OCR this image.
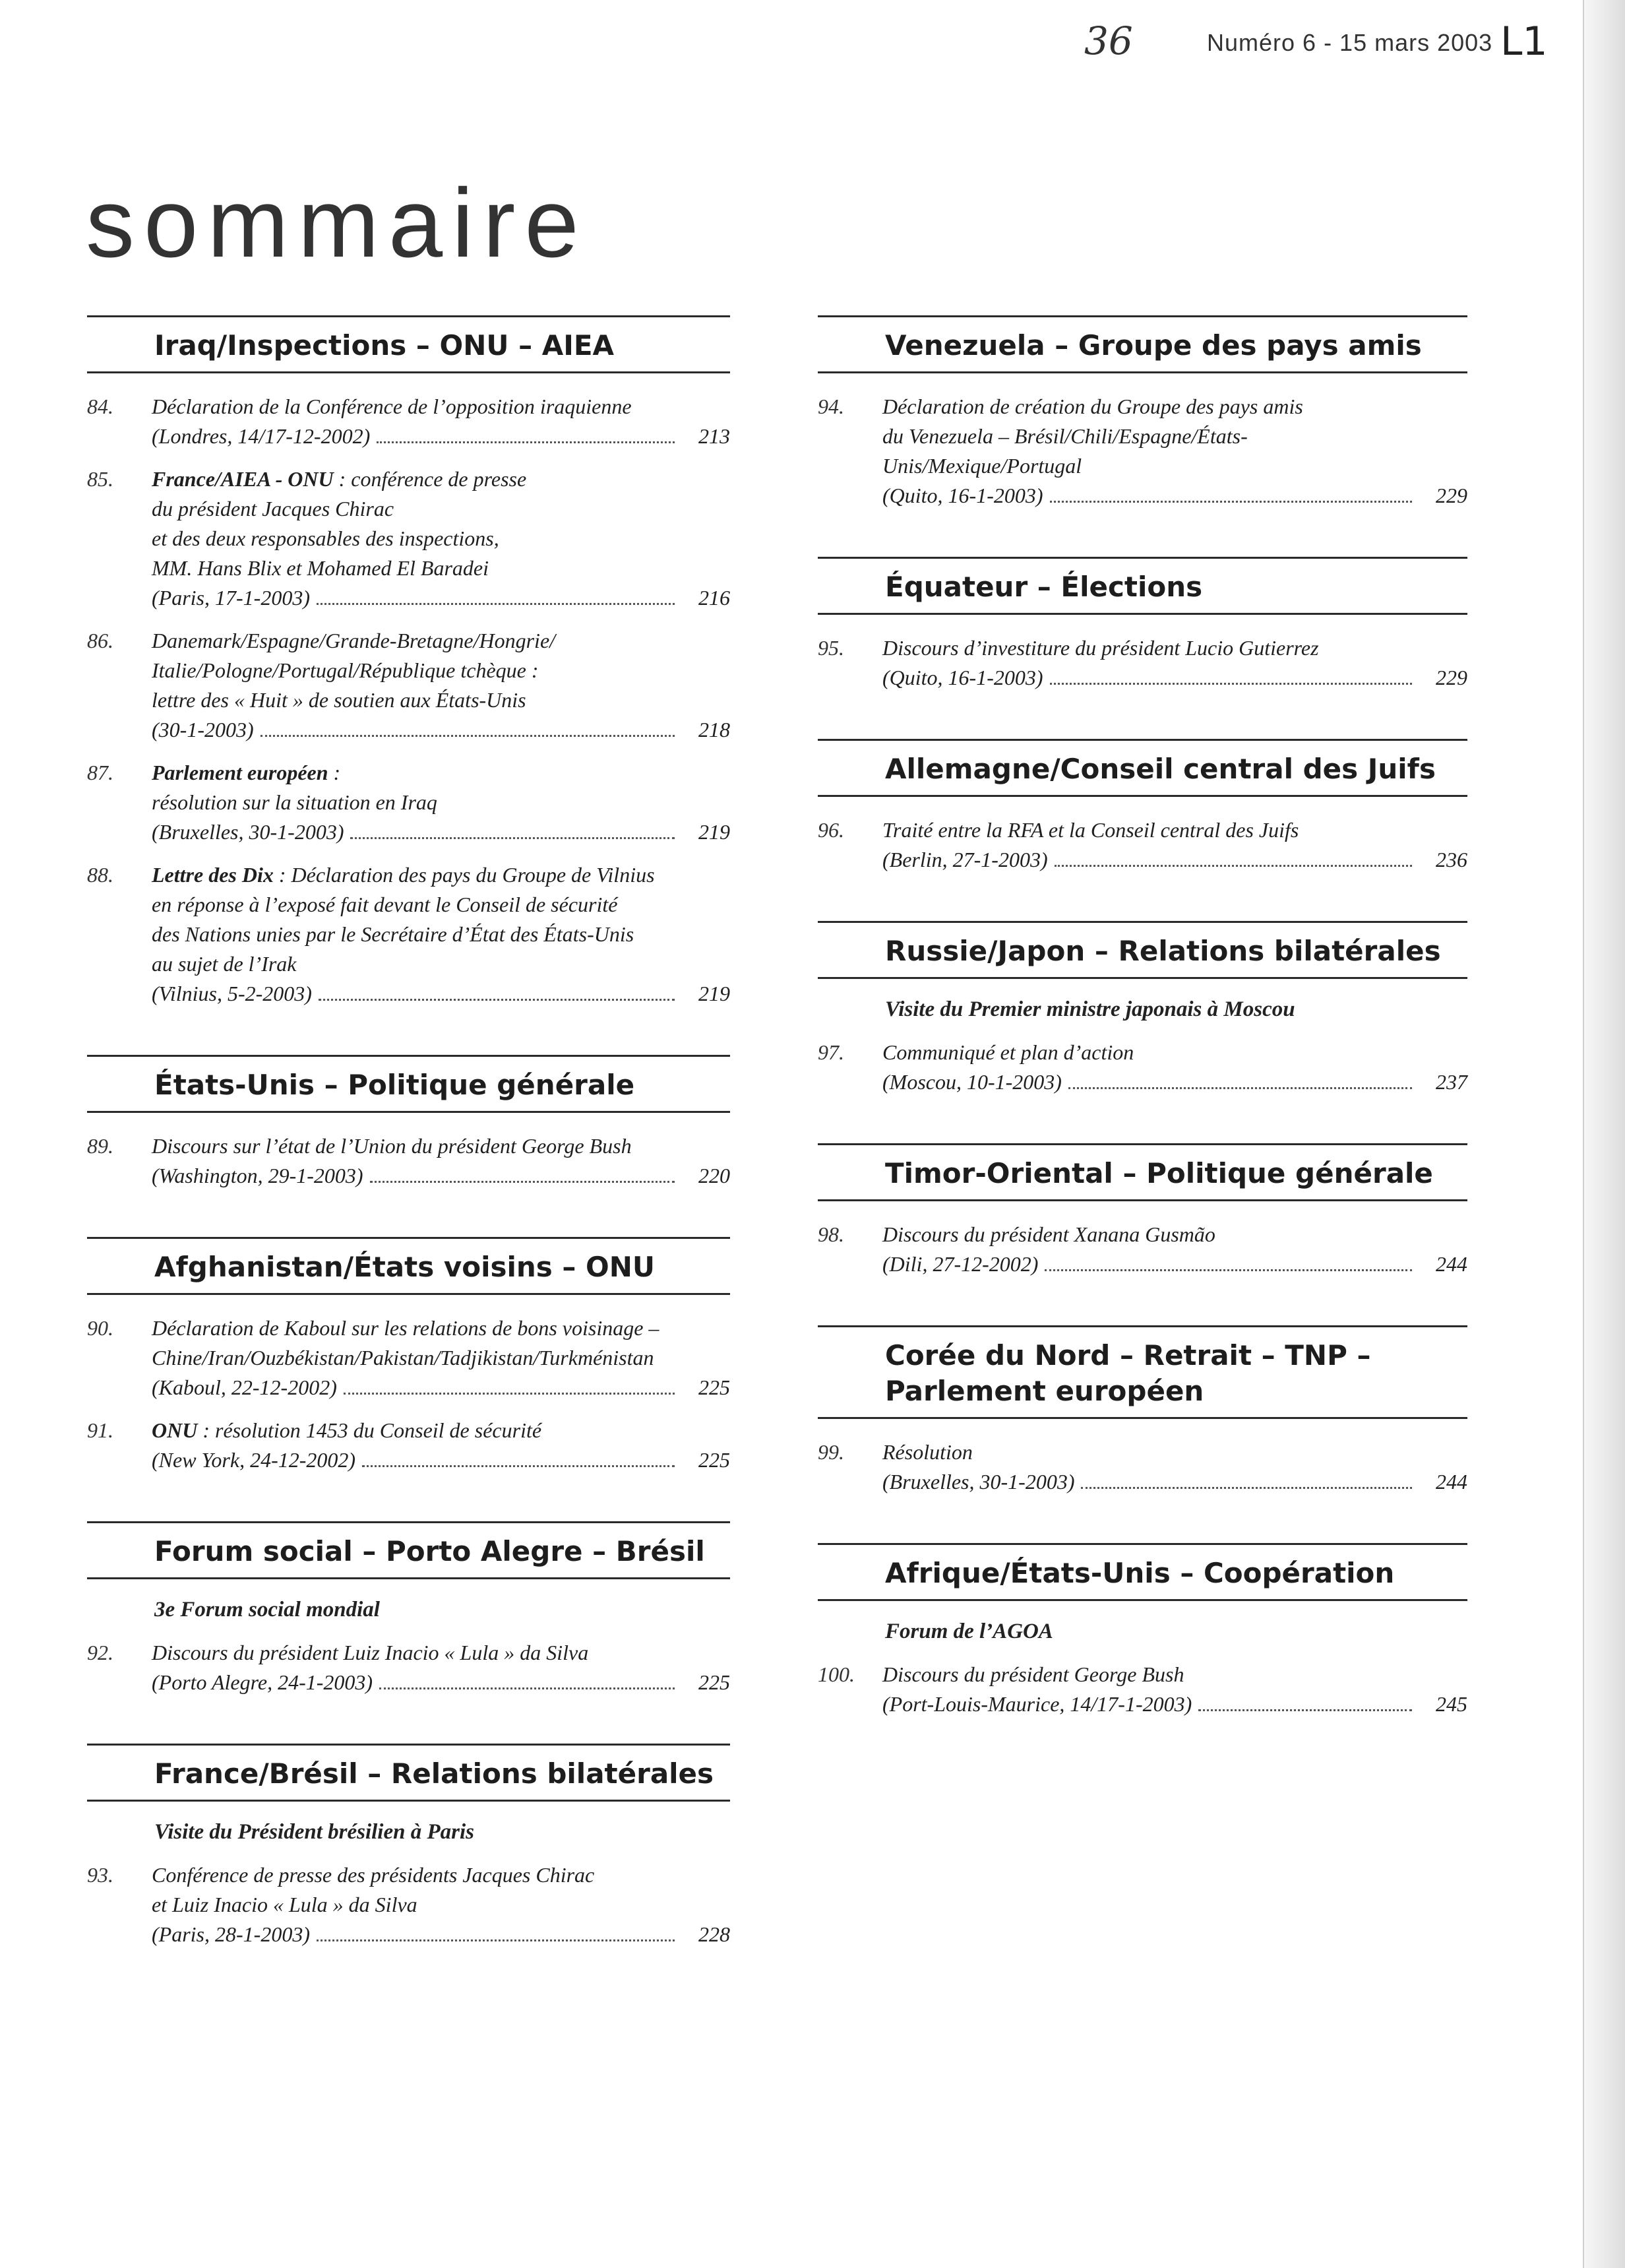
36	Numéro 6 - 15 mars 2003 L1
sommaire
Iraq/Inspections – ONU – AIEA
84.	Déclaration de la Conférence de l’opposition iraquienne
(Londres, 14/17-12-2002)	213
85.	France/AIEA - ONU : conférence de presse
du président Jacques Chirac
et des deux responsables des inspections,
MM. Hans Blix et Mohamed El Baradei
(Paris, 17-1-2003)	216
86.	Danemark/Espagne/Grande-Bretagne/Hongrie/
Italie/Pologne/Portugal/République tchèque :
lettre des « Huit » de soutien aux États-Unis
(30-1-2003)	218
87.	Parlement européen :
résolution sur la situation en Iraq
(Bruxelles, 30-1-2003)	219
88.	Lettre des Dix : Déclaration des pays du Groupe de Vilnius
en réponse à l’exposé fait devant le Conseil de sécurité
des Nations unies par le Secrétaire d’État des États-Unis
au sujet de l’Irak
(Vilnius, 5-2-2003)	219
États-Unis – Politique générale
89.	Discours sur l’état de l’Union du président George Bush
(Washington, 29-1-2003)	220
Afghanistan/États voisins – ONU
90.	Déclaration de Kaboul sur les relations de bons voisinage –
Chine/Iran/Ouzbékistan/Pakistan/Tadjikistan/Turkménistan
(Kaboul, 22-12-2002)	225
91.	ONU : résolution 1453 du Conseil de sécurité
(New York, 24-12-2002)	225
Forum social – Porto Alegre – Brésil
3e Forum social mondial
92.	Discours du président Luiz Inacio « Lula » da Silva
(Porto Alegre, 24-1-2003)	225
France/Brésil – Relations bilatérales
Visite du Président brésilien à Paris
93.	Conférence de presse des présidents Jacques Chirac
et Luiz Inacio « Lula » da Silva
(Paris, 28-1-2003)	228
Venezuela – Groupe des pays amis
94.	Déclaration de création du Groupe des pays amis
du Venezuela – Brésil/Chili/Espagne/États-
Unis/Mexique/Portugal
(Quito, 16-1-2003)	229
Équateur – Élections
95.	Discours d’investiture du président Lucio Gutierrez
(Quito, 16-1-2003)	229
Allemagne/Conseil central des Juifs
96.	Traité entre la RFA et la Conseil central des Juifs
(Berlin, 27-1-2003)	236
Russie/Japon – Relations bilatérales
Visite du Premier ministre japonais à Moscou
97.	Communiqué et plan d’action
(Moscou, 10-1-2003)	237
Timor-Oriental – Politique générale
98.	Discours du président Xanana Gusmão
(Dili, 27-12-2002)	244
Corée du Nord – Retrait – TNP – Parlement européen
99.	Résolution
(Bruxelles, 30-1-2003)	244
Afrique/États-Unis – Coopération
Forum de l’AGOA
100.	Discours du président George Bush
(Port-Louis-Maurice, 14/17-1-2003)	245
